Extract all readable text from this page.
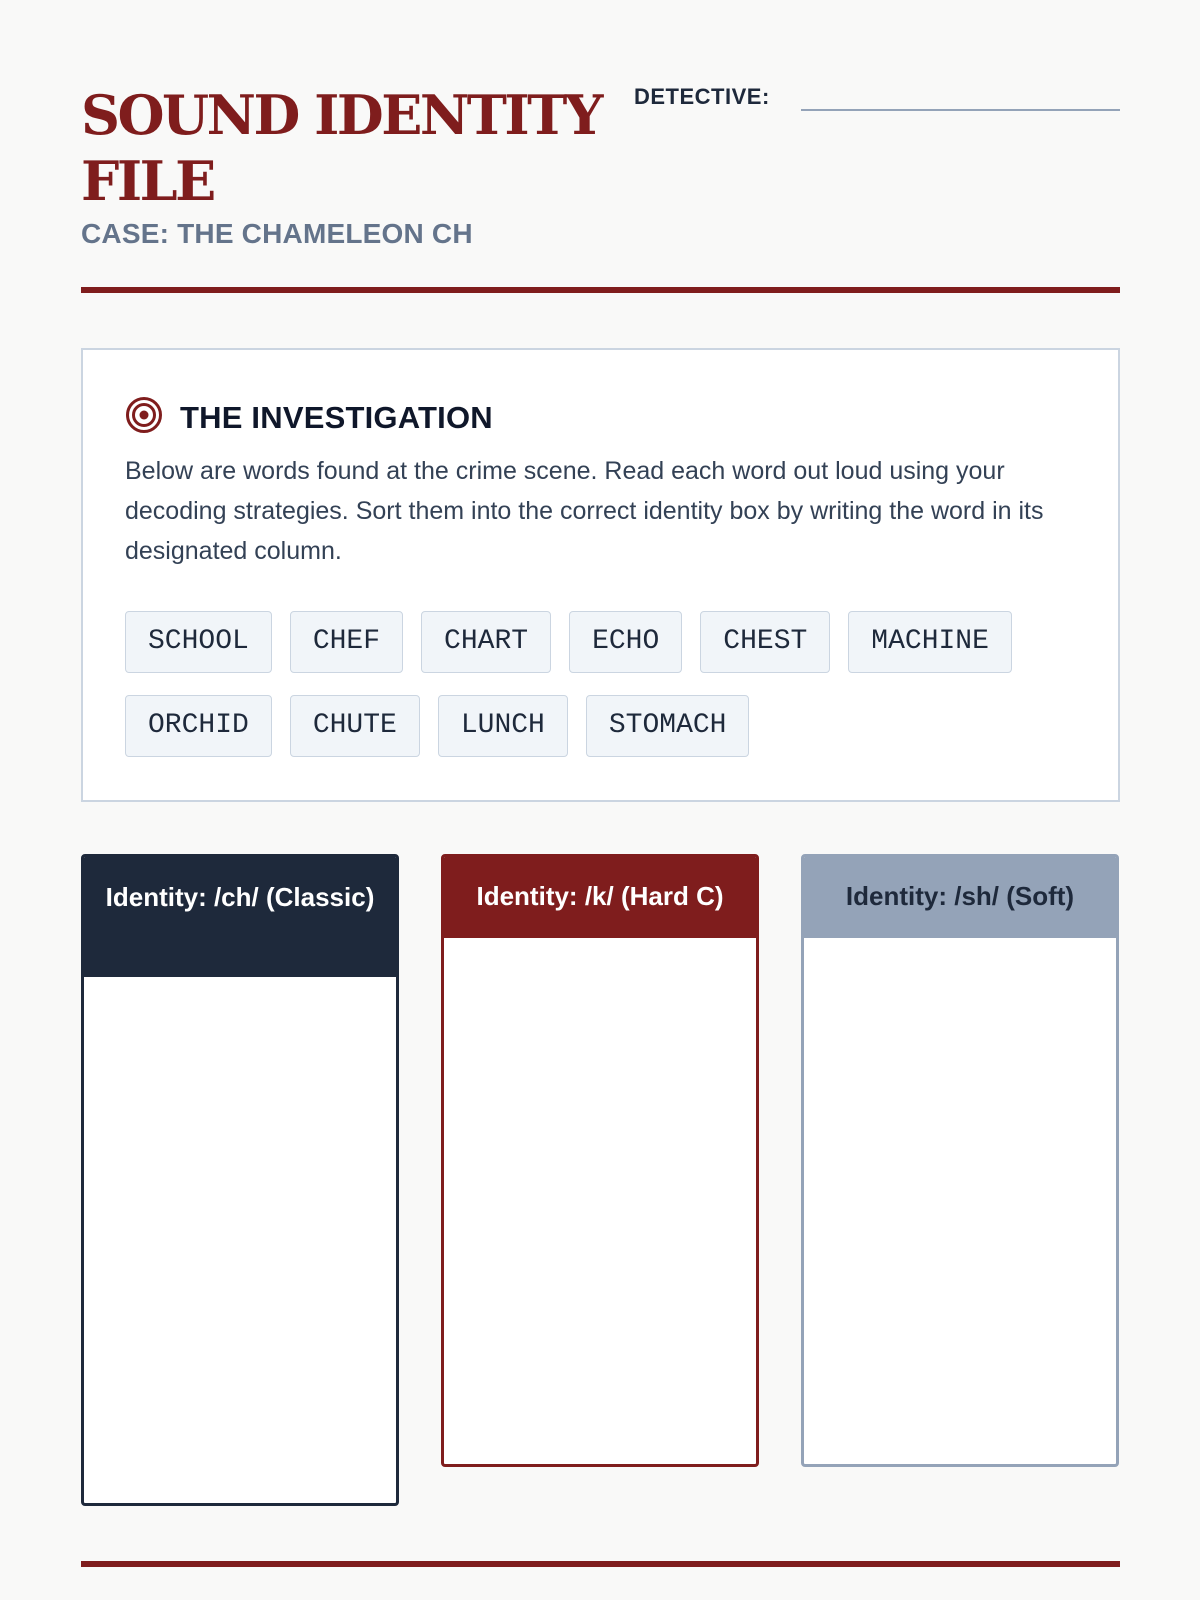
SOUND IDENTITY FILE
CASE: THE CHAMELEON CH
DETECTIVE:
THE INVESTIGATION

Below are words found at the crime scene. Read each word out loud using your decoding strategies. Sort them into the correct identity box by writing the word in its designated column.

SCHOOL CHEF CHART ECHO CHEST MACHINE
ORCHID CHUTE LUNCH STOMACH
Identity: /ch/ (Classic)	Identity: /k/ (Hard C)	Identity: /sh/ (Soft)
